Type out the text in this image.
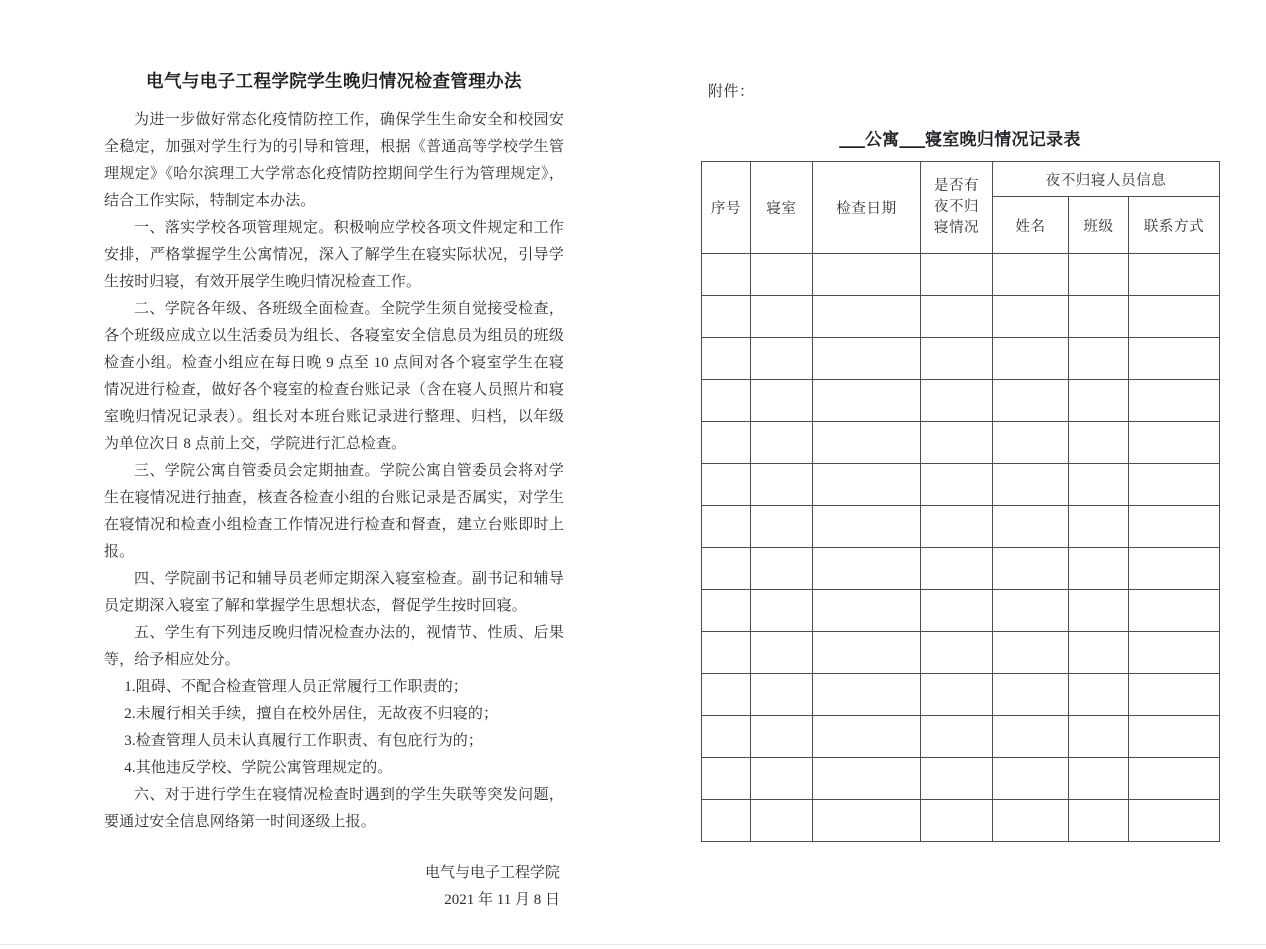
电气与电子工程学院学生晚归情况检查管理办法

为进一步做好常态化疫情防控工作，确保学生生命安全和校园安全稳定，加强对学生行为的引导和管理，根据《普通高等学校学生管理规定》《哈尔滨理工大学常态化疫情防控期间学生行为管理规定》，结合工作实际，特制定本办法。

一、落实学校各项管理规定。积极响应学校各项文件规定和工作安排，严格掌握学生公寓情况，深入了解学生在寝实际状况，引导学生按时归寝，有效开展学生晚归情况检查工作。

二、学院各年级、各班级全面检查。全院学生须自觉接受检查，各个班级应成立以生活委员为组长、各寝室安全信息员为组员的班级检查小组。检查小组应在每日晚 9 点至 10 点间对各个寝室学生在寝情况进行检查，做好各个寝室的检查台账记录（含在寝人员照片和寝室晚归情况记录表）。组长对本班台账记录进行整理、归档，以年级为单位次日 8 点前上交，学院进行汇总检查。

三、学院公寓自管委员会定期抽查。学院公寓自管委员会将对学生在寝情况进行抽查，核查各检查小组的台账记录是否属实，对学生在寝情况和检查小组检查工作情况进行检查和督查，建立台账即时上报。

四、学院副书记和辅导员老师定期深入寝室检查。副书记和辅导员定期深入寝室了解和掌握学生思想状态，督促学生按时回寝。

五、学生有下列违反晚归情况检查办法的，视情节、性质、后果等，给予相应处分。

1.阻碍、不配合检查管理人员正常履行工作职责的；

2.未履行相关手续，擅自在校外居住，无故夜不归寝的；

3.检查管理人员未认真履行工作职责、有包庇行为的；

4.其他违反学校、学院公寓管理规定的。

六、对于进行学生在寝情况检查时遇到的学生失联等突发问题，要通过安全信息网络第一时间逐级上报。

电气与电子工程学院
2021 年 11 月 8 日
附件：
___公寓___寝室晚归情况记录表
序号	寝室	检查日期	是否有
夜不归
寝情况	夜不归寝人员信息		
				姓名	班级	联系方式
